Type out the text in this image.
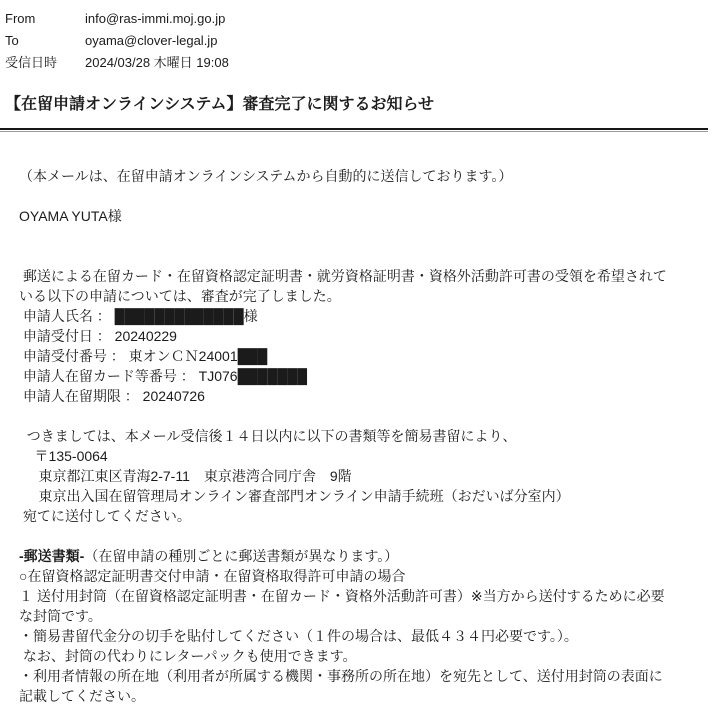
From	info@ras-immi.moj.go.jp
To	oyama@clover-legal.jp
受信日時	2024/03/28 木曜日 19:08
【在留申請オンラインシステム】審査完了に関するお知らせ
（本メールは、在留申請オンラインシステムから自動的に送信しております。）
OYAMA YUTA様
郵送による在留カード・在留資格認定証明書・就労資格証明書・資格外活動許可書の受領を希望されて
いる以下の申請については、審査が完了しました。
申請人氏名 ： █████████████様
申請受付日 ： 20240229
申請受付番号 ： 東オンＣＮ24001███
申請人在留カード等番号 ： TJ076███████
申請人在留期限 ： 20240726
つきましては、本メール受信後１４日以内に以下の書類等を簡易書留により、
〒135-0064
東京都江東区青海2-7-11　東京港湾合同庁舎　9階
東京出入国在留管理局オンライン審査部門オンライン申請手続班（おだいば分室内）
宛てに送付してください。
-郵送書類-（在留申請の種別ごとに郵送書類が異なります。）
○在留資格認定証明書交付申請・在留資格取得許可申請の場合
１ 送付用封筒（在留資格認定証明書・在留カード・資格外活動許可書）※当方から送付するために必要
な封筒です。
・簡易書留代金分の切手を貼付してください（１件の場合は、最低４３４円必要です。）。
なお、封筒の代わりにレターパックも使用できます。
・利用者情報の所在地（利用者が所属する機関・事務所の所在地）を宛先として、送付用封筒の表面に
記載してください。
